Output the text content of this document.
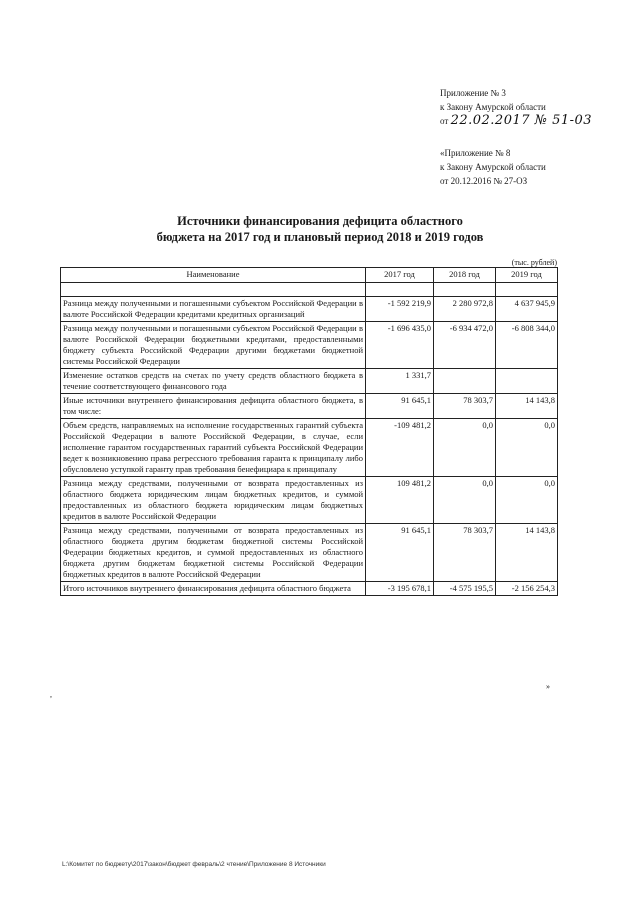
Приложение № 3
к Закону Амурской области
от 22.02.2017 № 51-03
«Приложение № 8
к Закону Амурской области
от 20.12.2016 № 27-ОЗ
Источники финансирования дефицита областного
бюджета на 2017 год и плановый период 2018 и 2019 годов
(тыс. рублей)
Наименование	2017 год	2018 год	2019 год

Разница между полученными и погашенными субъектом Российской Федерации в валюте Российской Федерации кредитами кредитных организаций	-1 592 219,9	2 280 972,8	4 637 945,9
Разница между полученными и погашенными субъектом Российской Федерации в валюте Российской Федерации бюджетными кредитами, предоставленными бюджету субъекта Российской Федерации другими бюджетами бюджетной системы Российской Федерации	-1 696 435,0	-6 934 472,0	-6 808 344,0
Изменение остатков средств на счетах по учету средств областного бюджета в течение соответствующего финансового года	1 331,7		
Иные источники внутреннего финансирования дефицита областного бюджета, в том числе:	91 645,1	78 303,7	14 143,8
Объем средств, направляемых на исполнение государственных гарантий субъекта Российской Федерации в валюте Российской Федерации, в случае, если исполнение гарантом государственных гарантий субъекта Российской Федерации ведет к возникновению права регрессного требования гаранта к принципалу либо обусловлено уступкой гаранту прав требования бенефициара к принципалу	-109 481,2	0,0	0,0
Разница между средствами, полученными от возврата предоставленных из областного бюджета юридическим лицам бюджетных кредитов, и суммой предоставленных из областного бюджета юридическим лицам бюджетных кредитов в валюте Российской Федерации	109 481,2	0,0	0,0
Разница между средствами, полученными от возврата предоставленных из областного бюджета другим бюджетам бюджетной системы Российской Федерации бюджетных кредитов, и суммой предоставленных из областного бюджета другим бюджетам бюджетной системы Российской Федерации бюджетных кредитов в валюте Российской Федерации	91 645,1	78 303,7	14 143,8
Итого источников внутреннего финансирования дефицита областного бюджета	-3 195 678,1	-4 575 195,5	-2 156 254,3
»
,
L:\Комитет по бюджету\2017\закон\бюджет февраль\2 чтение\Приложение 8 Источники
